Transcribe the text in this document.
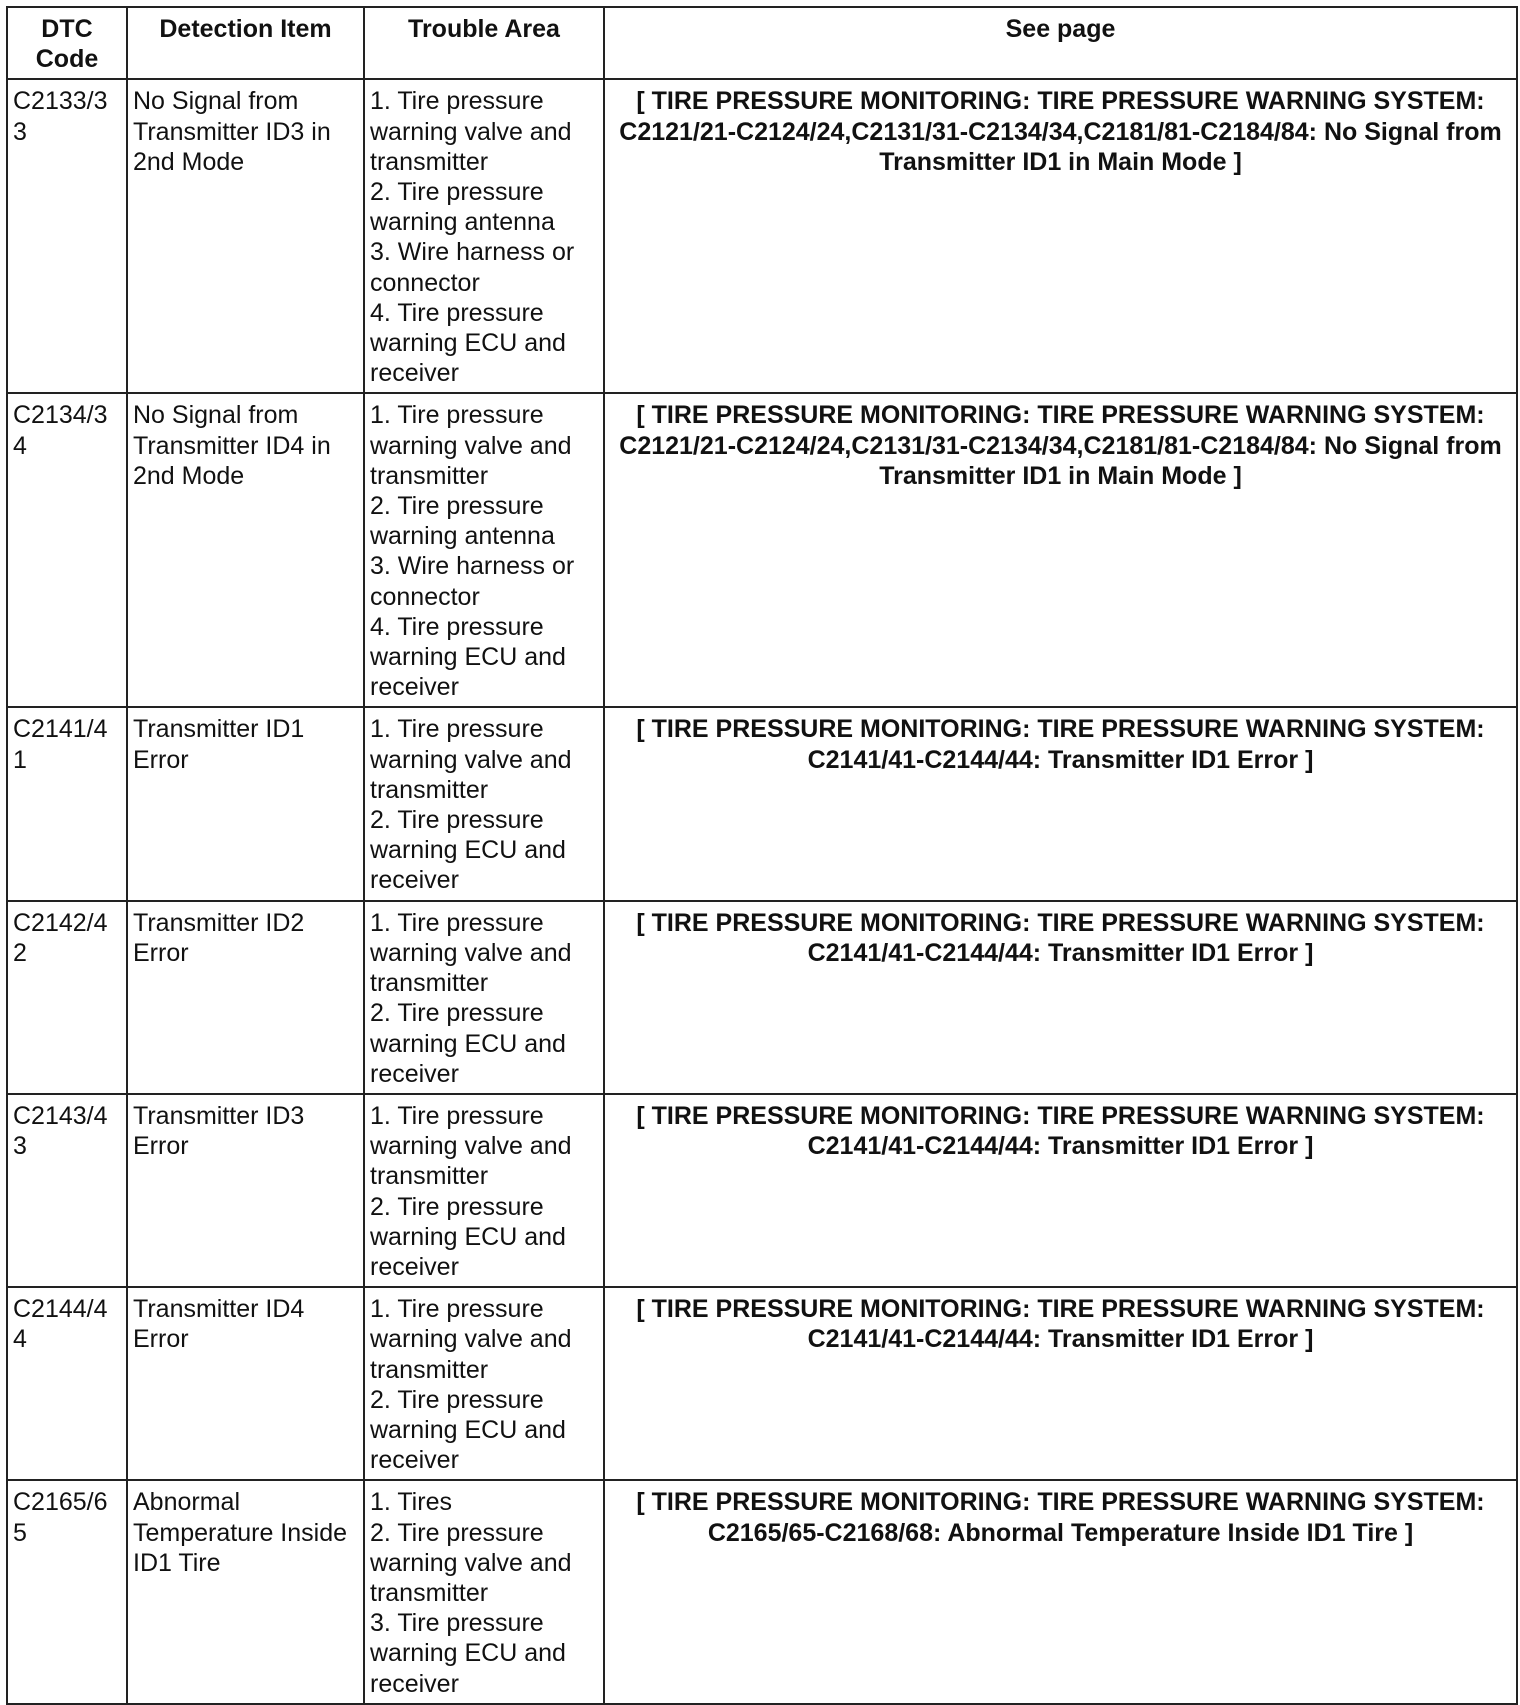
DTC Code	Detection Item	Trouble Area	See page
C2133/33	No Signal from Transmitter ID3 in 2nd Mode	1. Tire pressure warning valve and transmitter
2. Tire pressure warning antenna
3. Wire harness or connector
4. Tire pressure warning ECU and receiver	[ TIRE PRESSURE MONITORING: TIRE PRESSURE WARNING SYSTEM: C2121/21-C2124/24,C2131/31-C2134/34,C2181/81-C2184/84: No Signal from Transmitter ID1 in Main Mode ]
C2134/34	No Signal from Transmitter ID4 in 2nd Mode	1. Tire pressure warning valve and transmitter
2. Tire pressure warning antenna
3. Wire harness or connector
4. Tire pressure warning ECU and receiver	[ TIRE PRESSURE MONITORING: TIRE PRESSURE WARNING SYSTEM: C2121/21-C2124/24,C2131/31-C2134/34,C2181/81-C2184/84: No Signal from Transmitter ID1 in Main Mode ]
C2141/41	Transmitter ID1 Error	1. Tire pressure warning valve and transmitter
2. Tire pressure warning ECU and receiver	[ TIRE PRESSURE MONITORING: TIRE PRESSURE WARNING SYSTEM: C2141/41-C2144/44: Transmitter ID1 Error ]
C2142/42	Transmitter ID2 Error	1. Tire pressure warning valve and transmitter
2. Tire pressure warning ECU and receiver	[ TIRE PRESSURE MONITORING: TIRE PRESSURE WARNING SYSTEM: C2141/41-C2144/44: Transmitter ID1 Error ]
C2143/43	Transmitter ID3 Error	1. Tire pressure warning valve and transmitter
2. Tire pressure warning ECU and receiver	[ TIRE PRESSURE MONITORING: TIRE PRESSURE WARNING SYSTEM: C2141/41-C2144/44: Transmitter ID1 Error ]
C2144/44	Transmitter ID4 Error	1. Tire pressure warning valve and transmitter
2. Tire pressure warning ECU and receiver	[ TIRE PRESSURE MONITORING: TIRE PRESSURE WARNING SYSTEM: C2141/41-C2144/44: Transmitter ID1 Error ]
C2165/65	Abnormal Temperature Inside ID1 Tire	1. Tires
2. Tire pressure warning valve and transmitter
3. Tire pressure warning ECU and receiver	[ TIRE PRESSURE MONITORING: TIRE PRESSURE WARNING SYSTEM: C2165/65-C2168/68: Abnormal Temperature Inside ID1 Tire ]
